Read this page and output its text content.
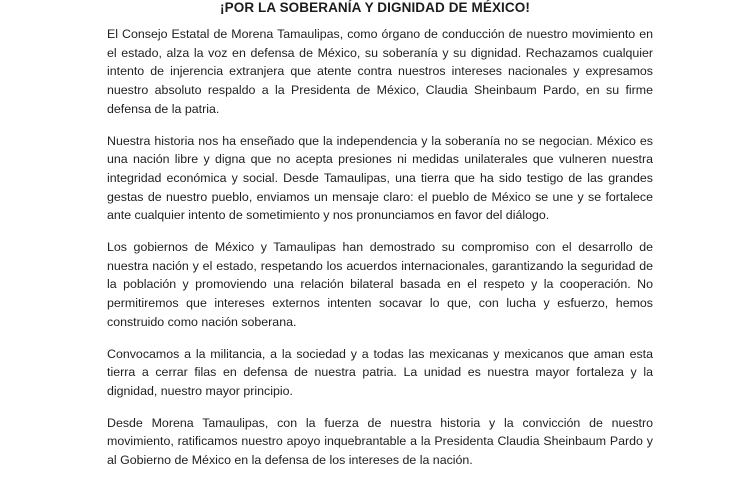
¡POR LA SOBERANÍA Y DIGNIDAD DE MÉXICO!

El Consejo Estatal de Morena Tamaulipas, como órgano de conducción de nuestro movimiento en el estado, alza la voz en defensa de México, su soberanía y su dignidad. Rechazamos cualquier intento de injerencia extranjera que atente contra nuestros intereses nacionales y expresamos nuestro absoluto respaldo a la Presidenta de México, Claudia Sheinbaum Pardo, en su firme defensa de la patria.

Nuestra historia nos ha enseñado que la independencia y la soberanía no se negocian. México es una nación libre y digna que no acepta presiones ni medidas unilaterales que vulneren nuestra integridad económica y social. Desde Tamaulipas, una tierra que ha sido testigo de las grandes gestas de nuestro pueblo, enviamos un mensaje claro: el pueblo de México se une y se fortalece ante cualquier intento de sometimiento y nos pronunciamos en favor del diálogo.

Los gobiernos de México y Tamaulipas han demostrado su compromiso con el desarrollo de nuestra nación y el estado, respetando los acuerdos internacionales, garantizando la seguridad de la población y promoviendo una relación bilateral basada en el respeto y la cooperación. No permitiremos que intereses externos intenten socavar lo que, con lucha y esfuerzo, hemos construido como nación soberana.

Convocamos a la militancia, a la sociedad y a todas las mexicanas y mexicanos que aman esta tierra a cerrar filas en defensa de nuestra patria. La unidad es nuestra mayor fortaleza y la dignidad, nuestro mayor principio.

Desde Morena Tamaulipas, con la fuerza de nuestra historia y la convicción de nuestro movimiento, ratificamos nuestro apoyo inquebrantable a la Presidenta Claudia Sheinbaum Pardo y al Gobierno de México en la defensa de los intereses de la nación.
